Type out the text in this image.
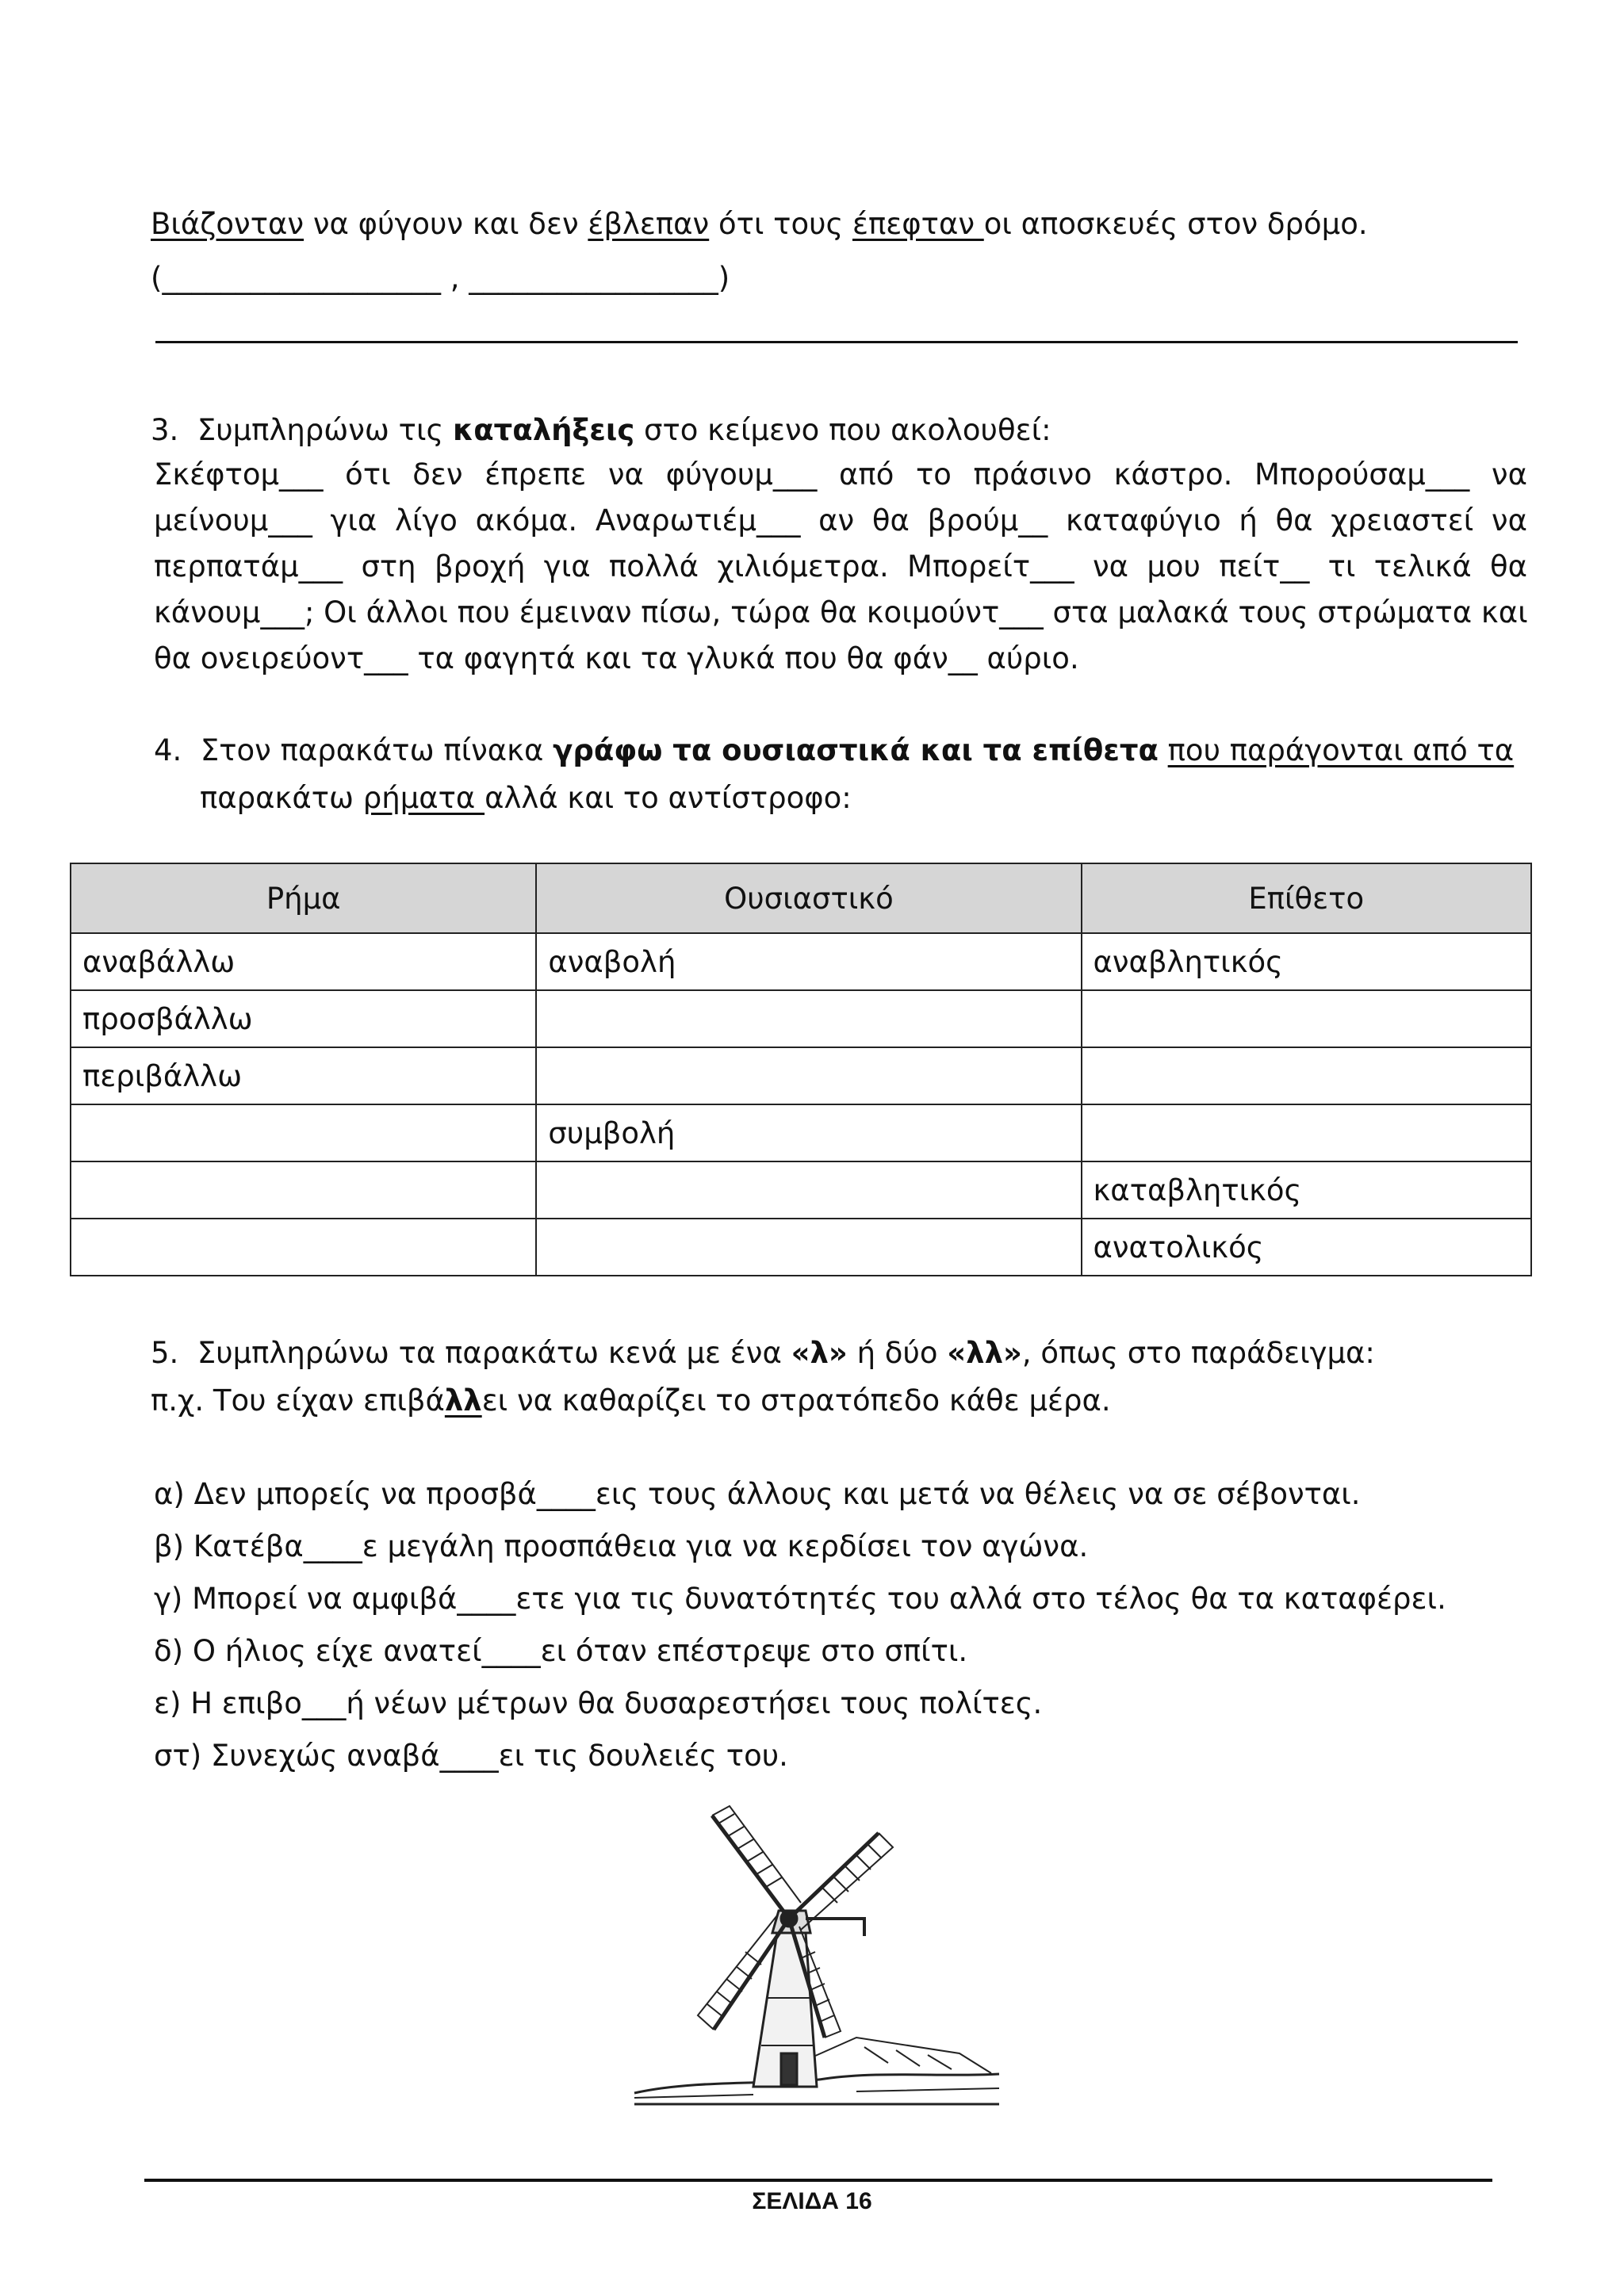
Βιάζονταν να φύγουν και δεν έβλεπαν ότι τους έπεφταν οι αποσκευές στον δρόμο.
(___________________ , _________________)
3. Συμπληρώνω τις καταλήξεις στο κείμενο που ακολουθεί:
Σκέφτομ___ ότι δεν έπρεπε να φύγουμ___ από το πράσινο κάστρο. Μπορούσαμ___ να
μείνουμ___ για λίγο ακόμα. Αναρωτιέμ___ αν θα βρούμ__ καταφύγιο ή θα χρειαστεί να
περπατάμ___ στη βροχή για πολλά χιλιόμετρα. Μπορείτ___ να μου πείτ__ τι τελικά θα
κάνουμ___; Οι άλλοι που έμειναν πίσω, τώρα θα κοιμούντ___ στα μαλακά τους στρώματα και
θα ονειρεύοντ___ τα φαγητά και τα γλυκά που θα φάν__ αύριο.
4. Στον παρακάτω πίνακα γράφω τα ουσιαστικά και τα επίθετα που παράγονται από τα
παρακάτω ρήματα αλλά και το αντίστροφο:
Ρήμα	Ουσιαστικό	Επίθετο
αναβάλλω	αναβολή	αναβλητικός
προσβάλλω		
περιβάλλω		
	συμβολή	
		καταβλητικός
		ανατολικός
5. Συμπληρώνω τα παρακάτω κενά με ένα «λ» ή δύο «λλ», όπως στο παράδειγμα:
π.χ. Του είχαν επιβάλλει να καθαρίζει το στρατόπεδο κάθε μέρα.
α) Δεν μπορείς να προσβά____εις τους άλλους και μετά να θέλεις να σε σέβονται.
β) Κατέβα____ε μεγάλη προσπάθεια για να κερδίσει τον αγώνα.
γ) Μπορεί να αμφιβά____ετε για τις δυνατότητές του αλλά στο τέλος θα τα καταφέρει.
δ) Ο ήλιος είχε ανατεί____ει όταν επέστρεψε στο σπίτι.
ε) Η επιβο___ή νέων μέτρων θα δυσαρεστήσει τους πολίτες.
στ) Συνεχώς αναβά____ει τις δουλειές του.
ΣΕΛΙΔΑ 16
